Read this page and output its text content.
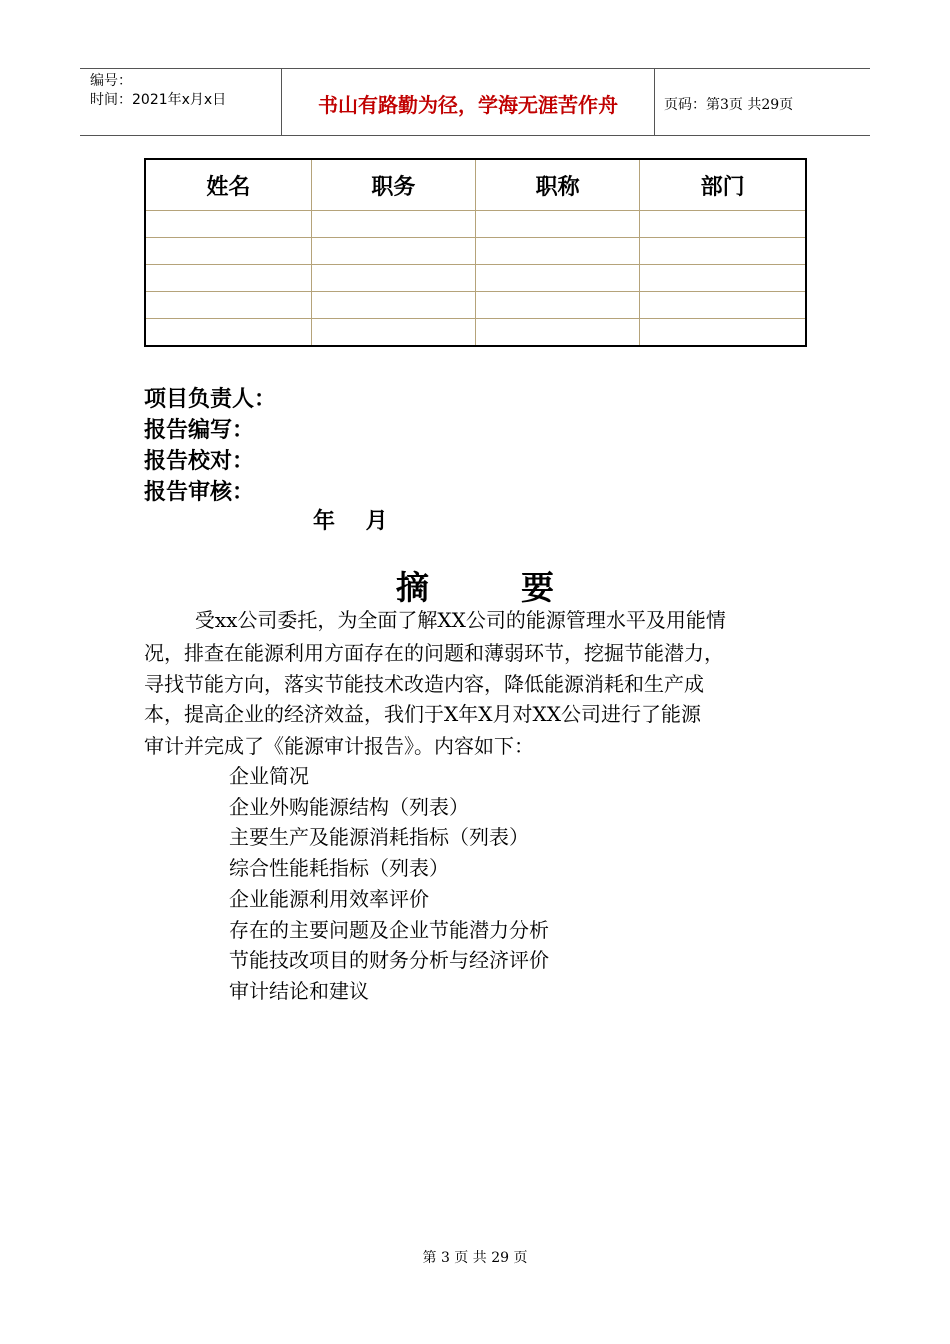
编号：
时间：2021年x月x日	书山有路勤为径，学海无涯苦作舟	页码：第3页 共29页
姓名	职务	职称	部门

项目负责人：
报告编写：
报告校对：
报告审核：
年    月
摘        要
受xx公司委托，为全面了解XX公司的能源管理水平及用能情
况，排查在能源利用方面存在的问题和薄弱环节，挖掘节能潜力，
寻找节能方向，落实节能技术改造内容，降低能源消耗和生产成
本，提高企业的经济效益，我们于X年X月对XX公司进行了能源
审计并完成了《能源审计报告》。内容如下：
企业简况
企业外购能源结构（列表）
主要生产及能源消耗指标（列表）
综合性能耗指标（列表）
企业能源利用效率评价
存在的主要问题及企业节能潜力分析
节能技改项目的财务分析与经济评价
审计结论和建议
第 3 页 共 29 页
